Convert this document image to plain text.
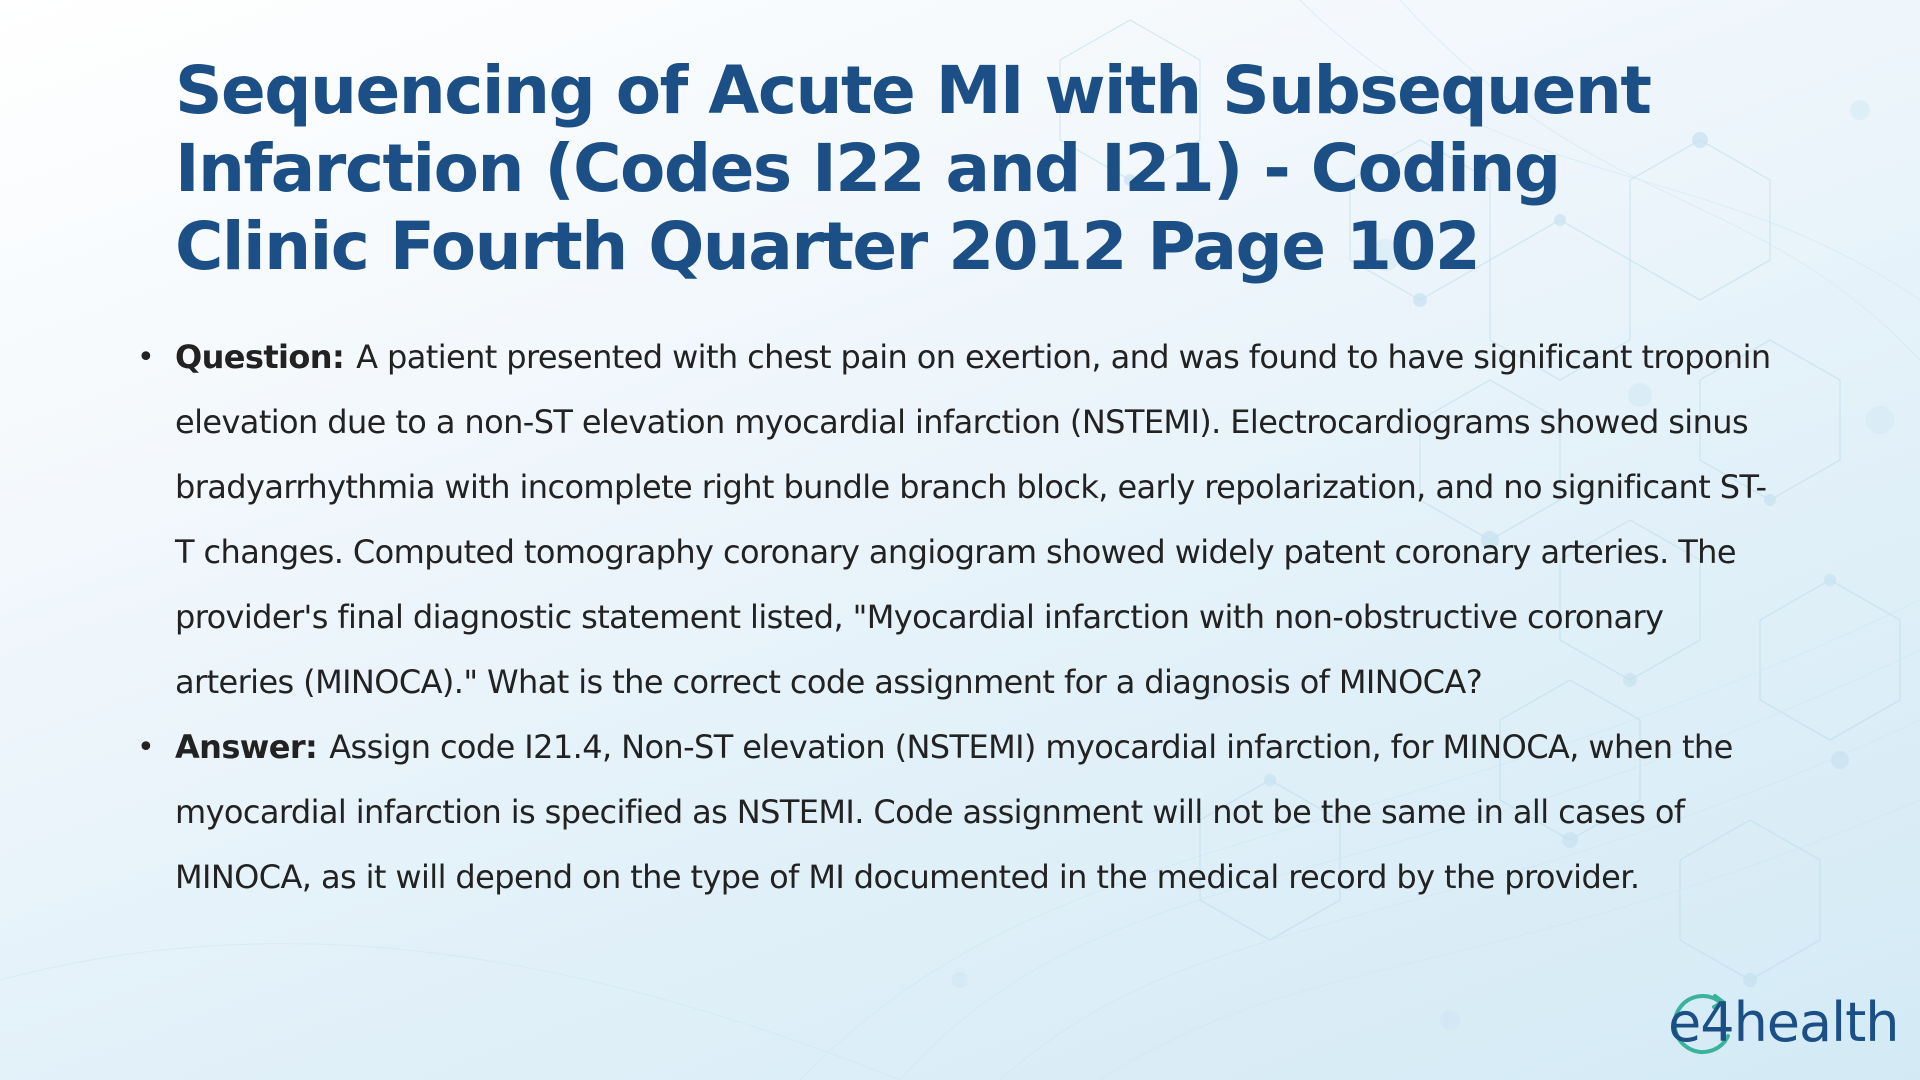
Sequencing of Acute MI with Subsequent Infarction (Codes I22 and I21) - Coding Clinic Fourth Quarter 2012 Page 102
• Question: A patient presented with chest pain on exertion, and was found to have significant troponin elevation due to a non-ST elevation myocardial infarction (NSTEMI). Electrocardiograms showed sinus bradyarrhythmia with incomplete right bundle branch block, early repolarization, and no significant ST-T changes. Computed tomography coronary angiogram showed widely patent coronary arteries. The provider's final diagnostic statement listed, "Myocardial infarction with non-obstructive coronary arteries (MINOCA)." What is the correct code assignment for a diagnosis of MINOCA?
• Answer: Assign code I21.4, Non-ST elevation (NSTEMI) myocardial infarction, for MINOCA, when the myocardial infarction is specified as NSTEMI. Code assignment will not be the same in all cases of MINOCA, as it will depend on the type of MI documented in the medical record by the provider.
e4health
